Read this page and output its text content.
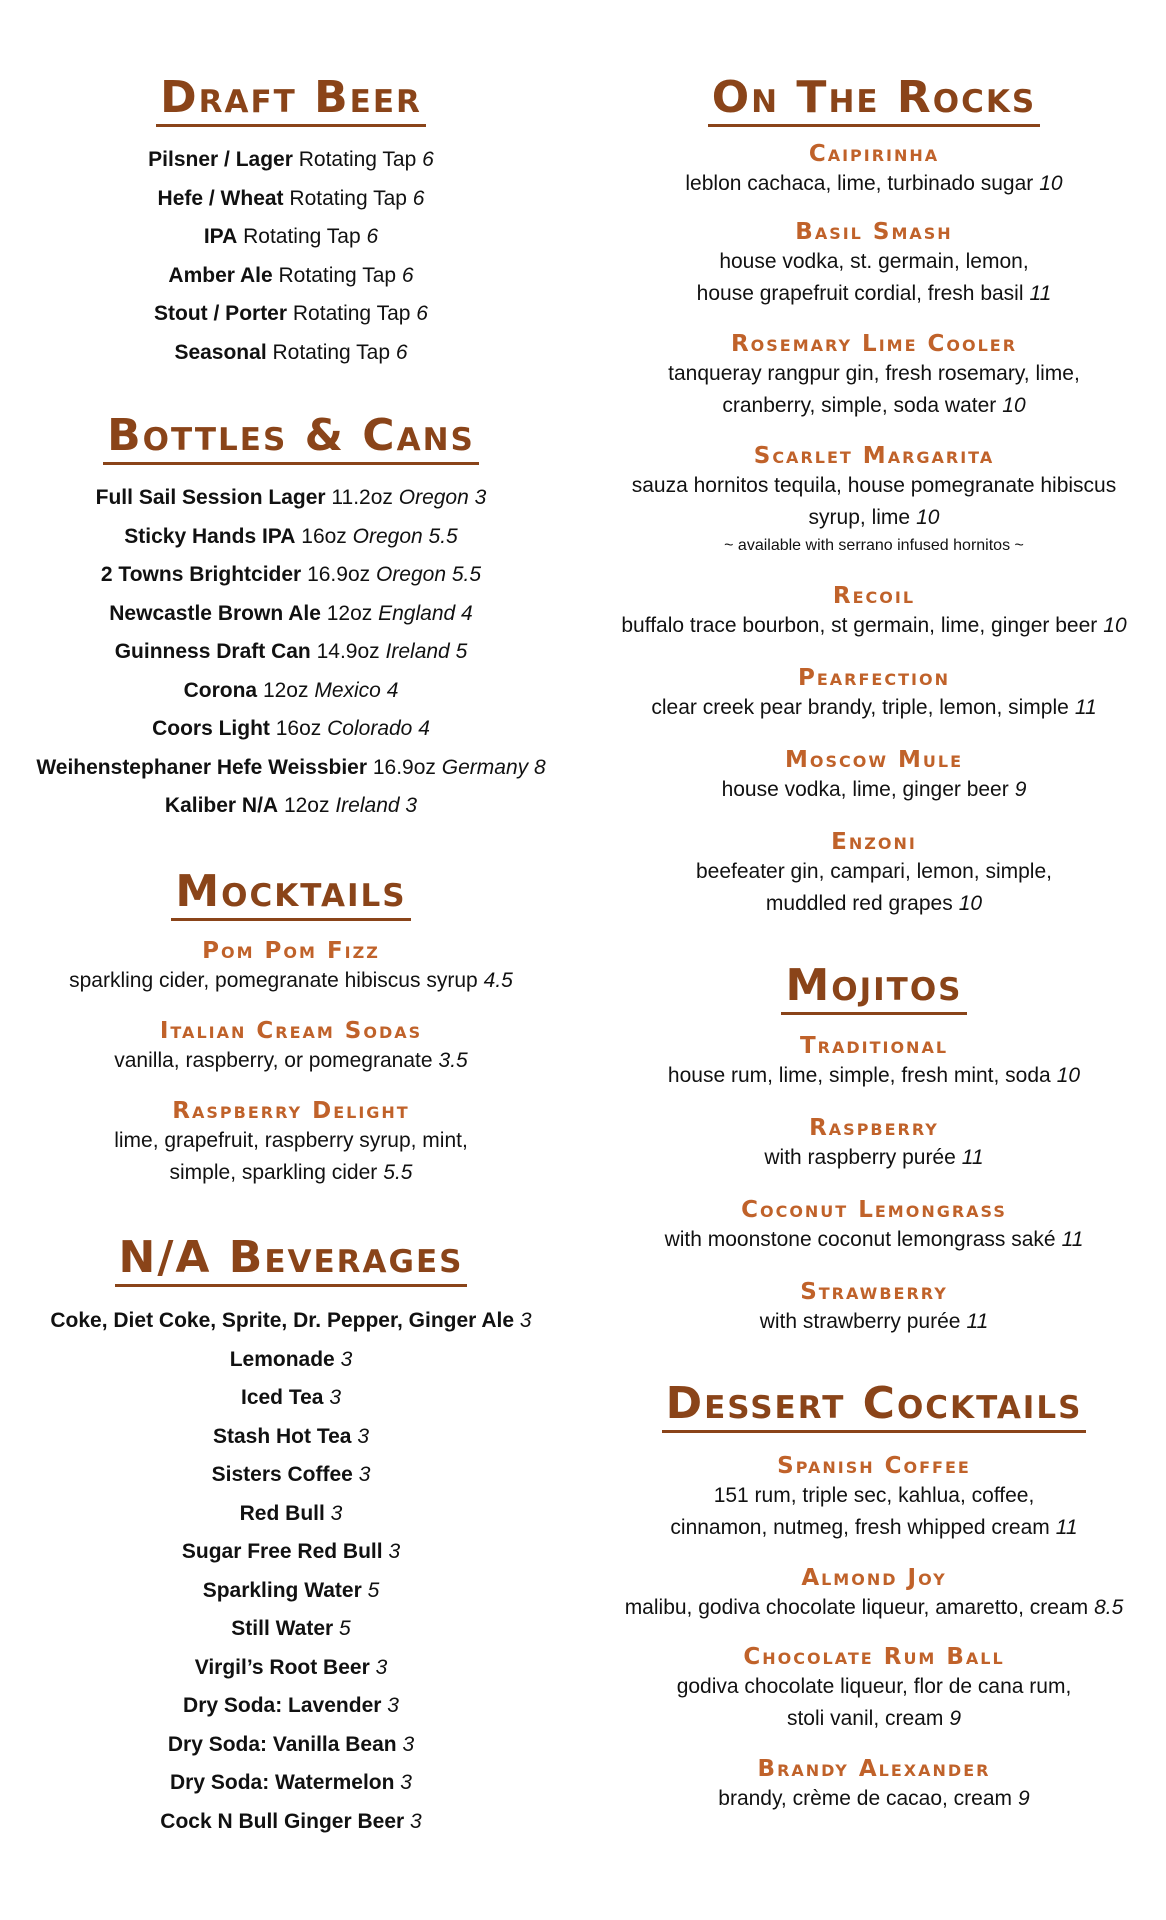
Draft Beer
Pilsner / Lager Rotating Tap 6
Hefe / Wheat Rotating Tap 6
IPA Rotating Tap 6
Amber Ale Rotating Tap 6
Stout / Porter Rotating Tap 6
Seasonal Rotating Tap 6
Bottles & Cans
Full Sail Session Lager 11.2oz Oregon 3
Sticky Hands IPA 16oz Oregon 5.5
2 Towns Brightcider 16.9oz Oregon 5.5
Newcastle Brown Ale 12oz England 4
Guinness Draft Can 14.9oz Ireland 5
Corona 12oz Mexico 4
Coors Light 16oz Colorado 4
Weihenstephaner Hefe Weissbier 16.9oz Germany 8
Kaliber N/A 12oz Ireland 3
Mocktails
Pom Pom Fizz
sparkling cider, pomegranate hibiscus syrup 4.5
Italian Cream Sodas
vanilla, raspberry, or pomegranate 3.5
Raspberry Delight
lime, grapefruit, raspberry syrup, mint,
simple, sparkling cider 5.5
N/A Beverages
Coke, Diet Coke, Sprite, Dr. Pepper, Ginger Ale 3
Lemonade 3
Iced Tea 3
Stash Hot Tea 3
Sisters Coffee 3
Red Bull 3
Sugar Free Red Bull 3
Sparkling Water 5
Still Water 5
Virgil’s Root Beer 3
Dry Soda: Lavender 3
Dry Soda: Vanilla Bean 3
Dry Soda: Watermelon 3
Cock N Bull Ginger Beer 3
On The Rocks
Caipirinha
leblon cachaca, lime, turbinado sugar 10
Basil Smash
house vodka, st. germain, lemon,
house grapefruit cordial, fresh basil 11
Rosemary Lime Cooler
tanqueray rangpur gin, fresh rosemary, lime,
cranberry, simple, soda water 10
Scarlet Margarita
sauza hornitos tequila, house pomegranate hibiscus
syrup, lime 10
~ available with serrano infused hornitos ~
Recoil
buffalo trace bourbon, st germain, lime, ginger beer 10
Pearfection
clear creek pear brandy, triple, lemon, simple 11
Moscow Mule
house vodka, lime, ginger beer 9
Enzoni
beefeater gin, campari, lemon, simple,
muddled red grapes 10
Mojitos
Traditional
house rum, lime, simple, fresh mint, soda 10
Raspberry
with raspberry purée 11
Coconut Lemongrass
with moonstone coconut lemongrass saké 11
Strawberry
with strawberry purée 11
Dessert Cocktails
Spanish Coffee
151 rum, triple sec, kahlua, coffee,
cinnamon, nutmeg, fresh whipped cream 11
Almond Joy
malibu, godiva chocolate liqueur, amaretto, cream 8.5
Chocolate Rum Ball
godiva chocolate liqueur, flor de cana rum,
stoli vanil, cream 9
Brandy Alexander
brandy, crème de cacao, cream 9
